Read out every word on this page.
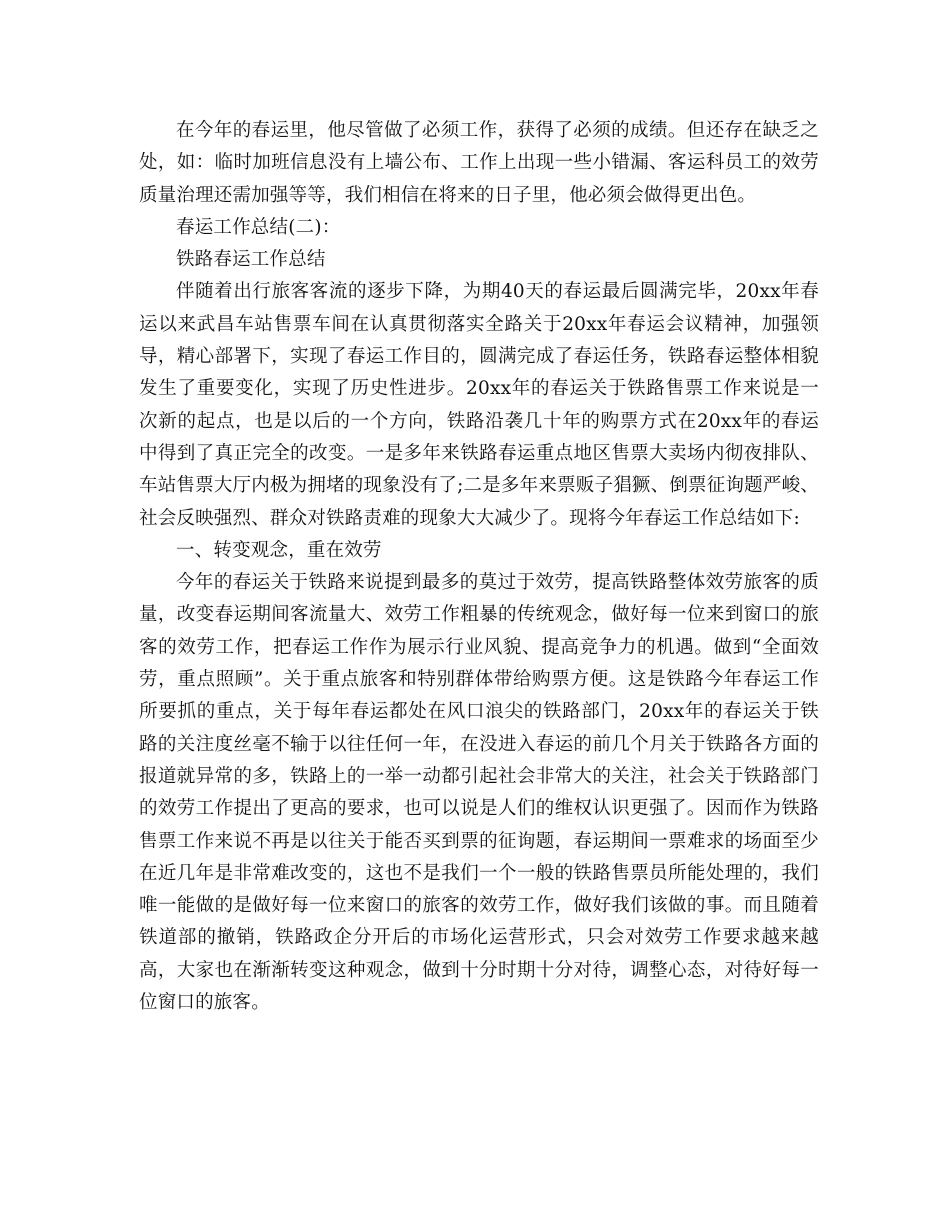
在今年的春运里，他尽管做了必须工作，获得了必须的成绩。但还存在缺乏之处，如：临时加班信息没有上墙公布、工作上出现一些小错漏、客运科员工的效劳质量治理还需加强等等，我们相信在将来的日子里，他必须会做得更出色。

春运工作总结(二)：

铁路春运工作总结

伴随着出行旅客客流的逐步下降，为期40天的春运最后圆满完毕，20xx年春运以来武昌车站售票车间在认真贯彻落实全路关于20xx年春运会议精神，加强领导，精心部署下，实现了春运工作目的，圆满完成了春运任务，铁路春运整体相貌发生了重要变化，实现了历史性进步。20xx年的春运关于铁路售票工作来说是一次新的起点，也是以后的一个方向，铁路沿袭几十年的购票方式在20xx年的春运中得到了真正完全的改变。一是多年来铁路春运重点地区售票大卖场内彻夜排队、车站售票大厅内极为拥堵的现象没有了;二是多年来票贩子猖獗、倒票征询题严峻、社会反映强烈、群众对铁路责难的现象大大减少了。现将今年春运工作总结如下:

一、转变观念，重在效劳

今年的春运关于铁路来说提到最多的莫过于效劳，提高铁路整体效劳旅客的质量，改变春运期间客流量大、效劳工作粗暴的传统观念，做好每一位来到窗口的旅客的效劳工作，把春运工作作为展示行业风貌、提高竞争力的机遇。做到“全面效劳，重点照顾”。关于重点旅客和特别群体带给购票方便。这是铁路今年春运工作所要抓的重点，关于每年春运都处在风口浪尖的铁路部门，20xx年的春运关于铁路的关注度丝毫不输于以往任何一年，在没进入春运的前几个月关于铁路各方面的报道就异常的多，铁路上的一举一动都引起社会非常大的关注，社会关于铁路部门的效劳工作提出了更高的要求，也可以说是人们的维权认识更强了。因而作为铁路售票工作来说不再是以往关于能否买到票的征询题，春运期间一票难求的场面至少在近几年是非常难改变的，这也不是我们一个一般的铁路售票员所能处理的，我们唯一能做的是做好每一位来窗口的旅客的效劳工作，做好我们该做的事。而且随着铁道部的撤销，铁路政企分开后的市场化运营形式，只会对效劳工作要求越来越高，大家也在渐渐转变这种观念，做到十分时期十分对待，调整心态，对待好每一位窗口的旅客。
